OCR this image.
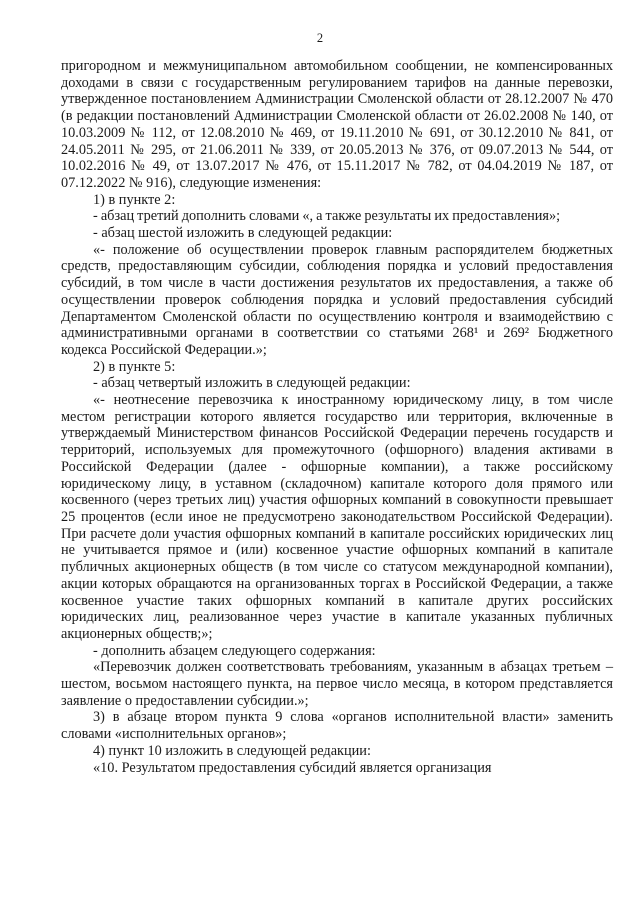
2

пригородном и межмуниципальном автомобильном сообщении, не компенсированных доходами в связи с государственным регулированием тарифов на данные перевозки, утвержденное постановлением Администрации Смоленской области от 28.12.2007 № 470 (в редакции постановлений Администрации Смоленской области от 26.02.2008 № 140, от 10.03.2009 № 112, от 12.08.2010 № 469, от 19.11.2010 № 691, от 30.12.2010 № 841, от 24.05.2011 № 295, от 21.06.2011 № 339, от 20.05.2013 № 376, от 09.07.2013 № 544, от 10.02.2016 № 49, от 13.07.2017 № 476, от 15.11.2017 № 782, от 04.04.2019 № 187, от 07.12.2022 № 916), следующие изменения:

1) в пункте 2:

- абзац третий дополнить словами «, а также результаты их предоставления»;

- абзац шестой изложить в следующей редакции:

«- положение об осуществлении проверок главным распорядителем бюджетных средств, предоставляющим субсидии, соблюдения порядка и условий предоставления субсидий, в том числе в части достижения результатов их предоставления, а также об осуществлении проверок соблюдения порядка и условий предоставления субсидий Департаментом Смоленской области по осуществлению контроля и взаимодействию с административными органами в соответствии со статьями 268¹ и 269² Бюджетного кодекса Российской Федерации.»;

2) в пункте 5:

- абзац четвертый изложить в следующей редакции:

«- неотнесение перевозчика к иностранному юридическому лицу, в том числе местом регистрации которого является государство или территория, включенные в утверждаемый Министерством финансов Российской Федерации перечень государств и территорий, используемых для промежуточного (офшорного) владения активами в Российской Федерации (далее - офшорные компании), а также российскому юридическому лицу, в уставном (складочном) капитале которого доля прямого или косвенного (через третьих лиц) участия офшорных компаний в совокупности превышает 25 процентов (если иное не предусмотрено законодательством Российской Федерации). При расчете доли участия офшорных компаний в капитале российских юридических лиц не учитывается прямое и (или) косвенное участие офшорных компаний в капитале публичных акционерных обществ (в том числе со статусом международной компании), акции которых обращаются на организованных торгах в Российской Федерации, а также косвенное участие таких офшорных компаний в капитале других российских юридических лиц, реализованное через участие в капитале указанных публичных акционерных обществ;»;

- дополнить абзацем следующего содержания:

«Перевозчик должен соответствовать требованиям, указанным в абзацах третьем – шестом, восьмом настоящего пункта, на первое число месяца, в котором представляется заявление о предоставлении субсидии.»;

3) в абзаце втором пункта 9 слова «органов исполнительной власти» заменить словами «исполнительных органов»;

4) пункт 10 изложить в следующей редакции:

«10. Результатом предоставления субсидий является организация
